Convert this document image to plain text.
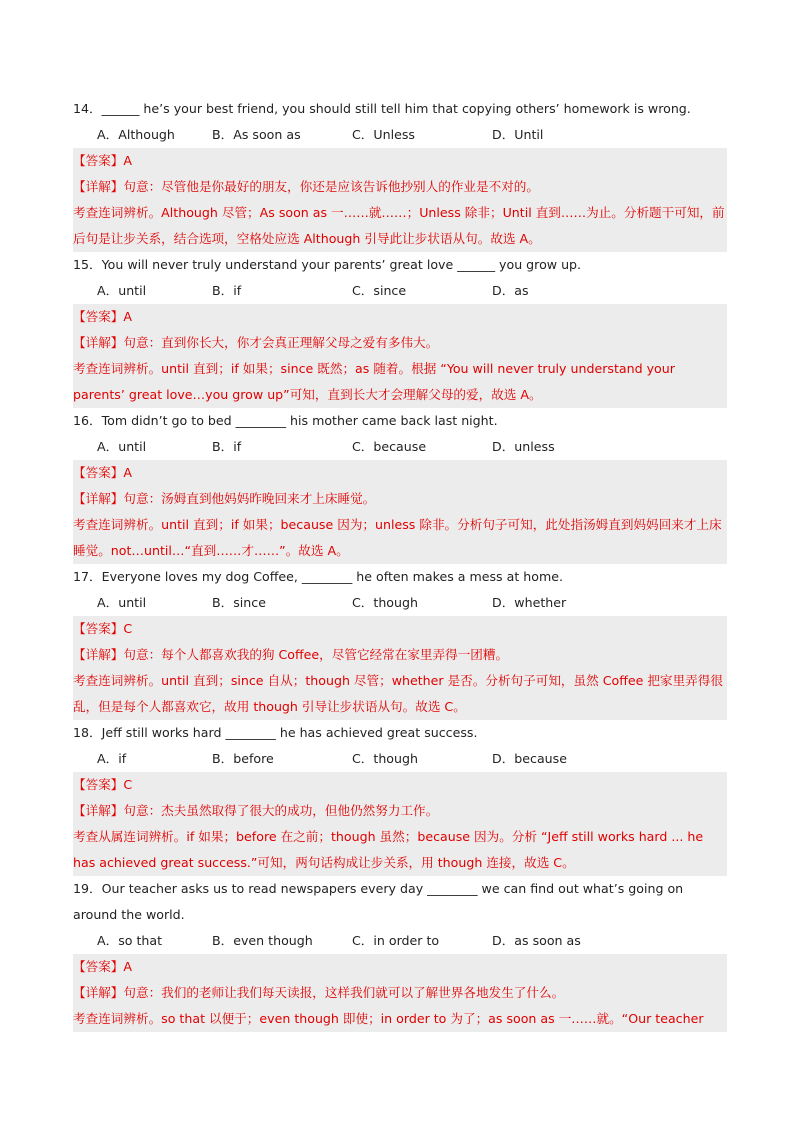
14．______ he’s your best friend, you should still tell him that copying others’ homework is wrong.
A．Although	B．As soon as	C．Unless	D．Until
【答案】A
【详解】句意：尽管他是你最好的朋友，你还是应该告诉他抄别人的作业是不对的。
考查连词辨析。Although 尽管；As soon as 一……就……；Unless 除非；Until 直到……为止。分析题干可知，前后句是让步关系，结合选项，空格处应选 Although 引导此让步状语从句。故选 A。
15．You will never truly understand your parents’ great love ______ you grow up.
A．until	B．if	C．since	D．as
【答案】A
【详解】句意：直到你长大，你才会真正理解父母之爱有多伟大。
考查连词辨析。until 直到；if 如果；since 既然；as 随着。根据 “You will never truly understand your parents’ great love…you grow up”可知，直到长大才会理解父母的爱，故选 A。
16．Tom didn’t go to bed ________ his mother came back last night.
A．until	B．if	C．because	D．unless
【答案】A
【详解】句意：汤姆直到他妈妈昨晚回来才上床睡觉。
考查连词辨析。until 直到；if 如果；because 因为；unless 除非。分析句子可知，此处指汤姆直到妈妈回来才上床睡觉。not…until…“直到……才……”。故选 A。
17．Everyone loves my dog Coffee, ________ he often makes a mess at home.
A．until	B．since	C．though	D．whether
【答案】C
【详解】句意：每个人都喜欢我的狗 Coffee，尽管它经常在家里弄得一团糟。
考查连词辨析。until 直到；since 自从；though 尽管；whether 是否。分析句子可知，虽然 Coffee 把家里弄得很乱，但是每个人都喜欢它，故用 though 引导让步状语从句。故选 C。
18．Jeff still works hard ________ he has achieved great success.
A．if	B．before	C．though	D．because
【答案】C
【详解】句意：杰夫虽然取得了很大的成功，但他仍然努力工作。
考查从属连词辨析。if 如果；before 在之前；though 虽然；because 因为。分析 “Jeff still works hard ... he has achieved great success.”可知，两句话构成让步关系，用 though 连接，故选 C。
19．Our teacher asks us to read newspapers every day ________ we can find out what’s going on around the world.
A．so that	B．even though	C．in order to	D．as soon as
【答案】A
【详解】句意：我们的老师让我们每天读报，这样我们就可以了解世界各地发生了什么。
考查连词辨析。so that 以便于；even though 即使；in order to 为了；as soon as 一……就。“Our teacher
